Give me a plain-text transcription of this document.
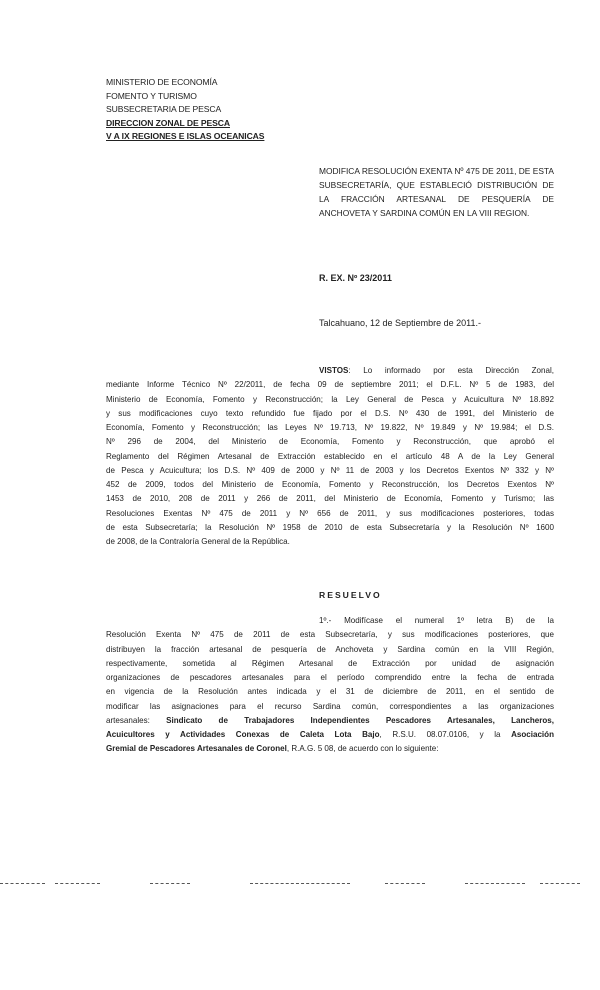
MINISTERIO DE ECONOMÍA
FOMENTO Y TURISMO
SUBSECRETARIA DE PESCA
DIRECCION ZONAL DE PESCA
V A IX REGIONES E ISLAS OCEANICAS
MODIFICA RESOLUCIÓN EXENTA Nº 475 DE 2011, DE ESTA SUBSECRETARÍA, QUE ESTABLECIÓ DISTRIBUCIÓN DE LA FRACCIÓN ARTESANAL DE PESQUERÍA DE ANCHOVETA Y SARDINA COMÚN EN LA VIII REGION.
R. EX. Nº 23/2011
Talcahuano, 12 de Septiembre de 2011.-
VISTOS: Lo informado por esta Dirección Zonal,
mediante Informe Técnico Nº 22/2011, de fecha 09 de septiembre 2011; el D.F.L. Nº 5 de 1983, del
Ministerio de Economía, Fomento y Reconstrucción; la Ley General de Pesca y Acuicultura Nº 18.892
y sus modificaciones cuyo texto refundido fue fijado por el D.S. Nº 430 de 1991, del Ministerio de
Economía, Fomento y Reconstrucción; las Leyes Nº 19.713, Nº 19.822, Nº 19.849 y Nº 19.984; el D.S.
Nº 296 de 2004, del Ministerio de Economía, Fomento y Reconstrucción, que aprobó el
Reglamento del Régimen Artesanal de Extracción establecido en el artículo 48 A de la Ley General
de Pesca y Acuicultura; los D.S. Nº 409 de 2000 y Nº 11 de 2003 y los Decretos Exentos Nº 332 y Nº
452 de 2009, todos del Ministerio de Economía, Fomento y Reconstrucción, los Decretos Exentos Nº
1453 de 2010, 208 de 2011 y 266 de 2011, del Ministerio de Economía, Fomento y Turismo; las
Resoluciones Exentas Nº 475 de 2011 y Nº 656 de 2011, y sus modificaciones posteriores, todas
de esta Subsecretaría; la Resolución Nº 1958 de 2010 de esta Subsecretaría y la Resolución Nº 1600
de 2008, de la Contraloría General de la República.
RESUELVO
1º.- Modifícase el numeral 1º letra B) de la
Resolución Exenta Nº 475 de 2011 de esta Subsecretaría, y sus modificaciones posteriores, que
distribuyen la fracción artesanal de pesquería de Anchoveta y Sardina común en la VIII Región,
respectivamente, sometida al Régimen Artesanal de Extracción por unidad de asignación
organizaciones de pescadores artesanales para el período comprendido entre la fecha de entrada
en vigencia de la Resolución antes indicada y el 31 de diciembre de 2011, en el sentido de
modificar las asignaciones para el recurso Sardina común, correspondientes a las organizaciones
artesanales: Sindicato de Trabajadores Independientes Pescadores Artesanales, Lancheros,
Acuicultores y Actividades Conexas de Caleta Lota Bajo, R.S.U. 08.07.0106, y la Asociación
Gremial de Pescadores Artesanales de Coronel, R.A.G. 5 08, de acuerdo con lo siguiente:
